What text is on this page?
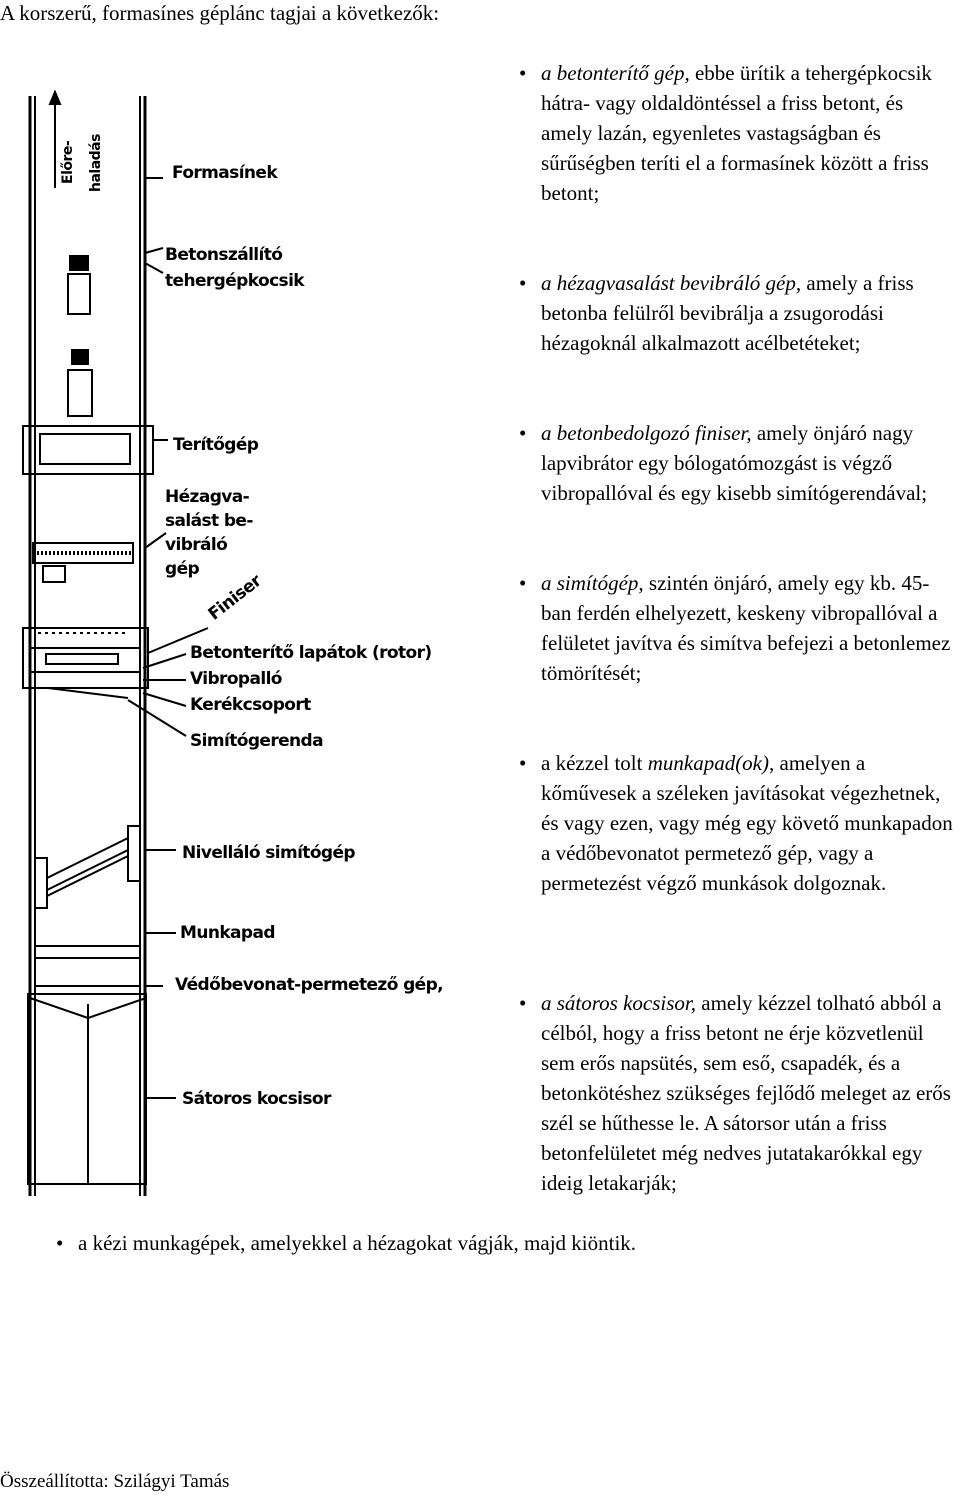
A korszerű, formasínes géplánc tagjai a következők:

Előre- haladás	Formasínek
Betonszállító
tehergépkocsik
Terítőgép
Hézagva-
salást be-
vibráló
gép
Finiser
Betonterítő lapátok (rotor)
Vibropalló
Kerékcsoport
Simítógerenda
Nivelláló simítógép
Munkapad
Védőbevonat-permetező gép,
Sátoros kocsisor
• a betonterítő gép, ebbe ürítik a tehergépkocsik hátra- vagy oldaldöntéssel a friss betont, és amely lazán, egyenletes vastagságban és sűrűségben teríti el a formasínek között a friss betont;
• a hézagvasalást bevibráló gép, amely a friss betonba felülről bevibrálja a zsugorodási hézagoknál alkalmazott acélbetéteket;
• a betonbedolgozó finiser, amely önjáró nagy lapvibrátor egy bólogatómozgást is végző vibropallóval és egy kisebb simítógerendával;
• a simítógép, szintén önjáró, amely egy kb. 45-ban ferdén elhelyezett, keskeny vibropallóval a felületet javítva és simítva befejezi a betonlemez tömörítését;
• a kézzel tolt munkapad(ok), amelyen a kőművesek a széleken javításokat végezhetnek, és vagy ezen, vagy még egy követő munkapadon a védőbevonatot permetező gép, vagy a permetezést végző munkások dolgoznak.
• a sátoros kocsisor, amely kézzel tolható abból a célból, hogy a friss betont ne érje közvetlenül sem erős napsütés, sem eső, csapadék, és a betonkötéshez szükséges fejlődő meleget az erős szél se hűthesse le. A sátorsor után a friss betonfelületet még nedves jutatakarókkal egy ideig letakarják;

• a kézi munkagépek, amelyekkel a hézagokat vágják, majd kiöntik.

Összeállította: Szilágyi Tamás
